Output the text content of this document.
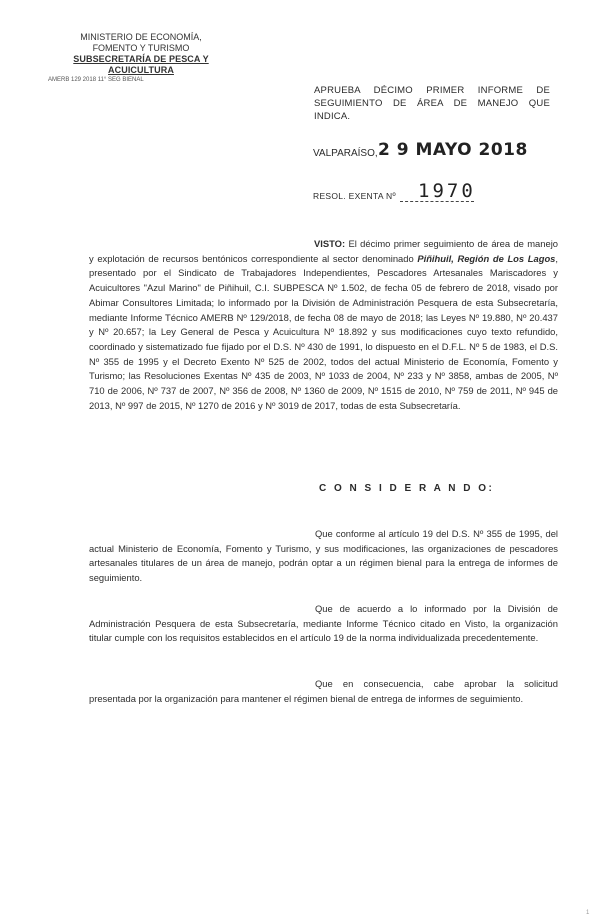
MINISTERIO DE ECONOMÍA,
FOMENTO Y TURISMO
SUBSECRETARÍA DE PESCA Y ACUICULTURA
AMERB 129 2018 11° SEG BIENAL
APRUEBA DÉCIMO PRIMER INFORME DE
SEGUIMIENTO DE ÁREA DE MANEJO QUE INDICA.
VALPARAÍSO, 2 9 MAYO 2018
RESOL. EXENTA Nº 1970
VISTO: El décimo primer seguimiento de área de manejo y explotación de recursos bentónicos correspondiente al sector denominado Piñihuil, Región de Los Lagos, presentado por el Sindicato de Trabajadores Independientes, Pescadores Artesanales Mariscadores y Acuicultores "Azul Marino" de Piñihuil, C.I. SUBPESCA Nº 1.502, de fecha 05 de febrero de 2018, visado por Abimar Consultores Limitada; lo informado por la División de Administración Pesquera de esta Subsecretaría, mediante Informe Técnico AMERB Nº 129/2018, de fecha 08 de mayo de 2018; las Leyes Nº 19.880, Nº 20.437 y Nº 20.657; la Ley General de Pesca y Acuicultura Nº 18.892 y sus modificaciones cuyo texto refundido, coordinado y sistematizado fue fijado por el D.S. Nº 430 de 1991, lo dispuesto en el D.F.L. Nº 5 de 1983, el D.S. Nº 355 de 1995 y el Decreto Exento Nº 525 de 2002, todos del actual Ministerio de Economía, Fomento y Turismo; las Resoluciones Exentas Nº 435 de 2003, Nº 1033 de 2004, Nº 233 y Nº 3858, ambas de 2005, Nº 710 de 2006, Nº 737 de 2007, Nº 356 de 2008, Nº 1360 de 2009, Nº 1515 de 2010, Nº 759 de 2011, Nº 945 de 2013, Nº 997 de 2015, Nº 1270 de 2016 y Nº 3019 de 2017, todas de esta Subsecretaría.
C O N S I D E R A N D O:
Que conforme al artículo 19 del D.S. Nº 355 de 1995, del actual Ministerio de Economía, Fomento y Turismo, y sus modificaciones, las organizaciones de pescadores artesanales titulares de un área de manejo, podrán optar a un régimen bienal para la entrega de informes de seguimiento.
Que de acuerdo a lo informado por la División de Administración Pesquera de esta Subsecretaría, mediante Informe Técnico citado en Visto, la organización titular cumple con los requisitos establecidos en el artículo 19 de la norma individualizada precedentemente.
Que en consecuencia, cabe aprobar la solicitud presentada por la organización para mantener el régimen bienal de entrega de informes de seguimiento.
1
